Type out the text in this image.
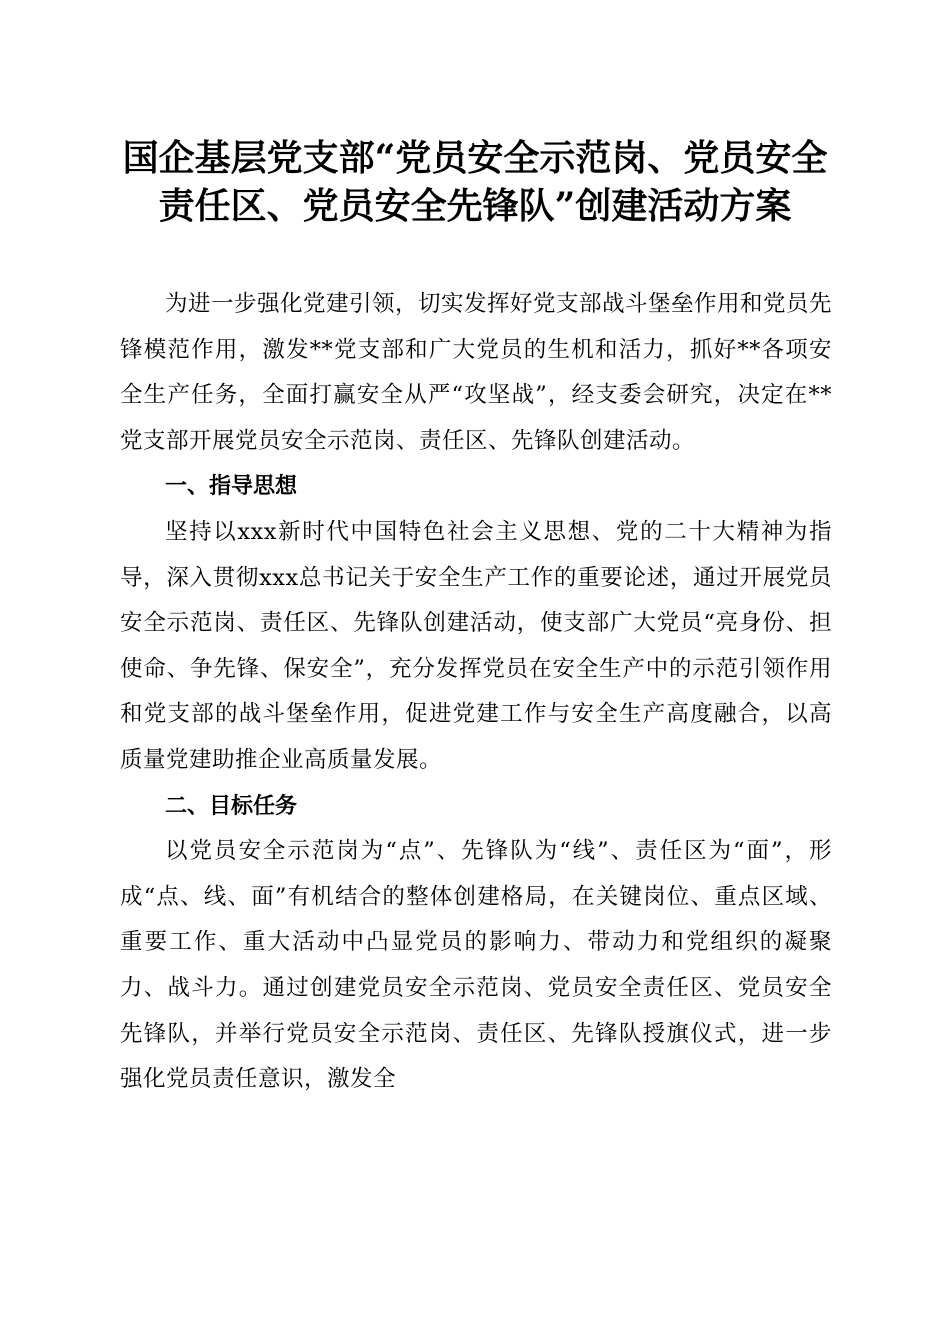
国企基层党支部“党员安全示范岗、党员安全
责任区、党员安全先锋队”创建活动方案

为进一步强化党建引领，切实发挥好党支部战斗堡垒作用和党员先锋模范作用，激发**党支部和广大党员的生机和活力，抓好**各项安全生产任务，全面打赢安全从严“攻坚战”，经支委会研究，决定在**党支部开展党员安全示范岗、责任区、先锋队创建活动。

一、指导思想

坚持以xxx新时代中国特色社会主义思想、党的二十大精神为指导，深入贯彻xxx总书记关于安全生产工作的重要论述，通过开展党员安全示范岗、责任区、先锋队创建活动，使支部广大党员“亮身份、担使命、争先锋、保安全”，充分发挥党员在安全生产中的示范引领作用和党支部的战斗堡垒作用，促进党建工作与安全生产高度融合，以高质量党建助推企业高质量发展。

二、目标任务

以党员安全示范岗为“点”、先锋队为“线”、责任区为“面”，形成“点、线、面”有机结合的整体创建格局，在关键岗位、重点区域、重要工作、重大活动中凸显党员的影响力、带动力和党组织的凝聚力、战斗力。通过创建党员安全示范岗、党员安全责任区、党员安全先锋队，并举行党员安全示范岗、责任区、先锋队授旗仪式，进一步强化党员责任意识，激发全
